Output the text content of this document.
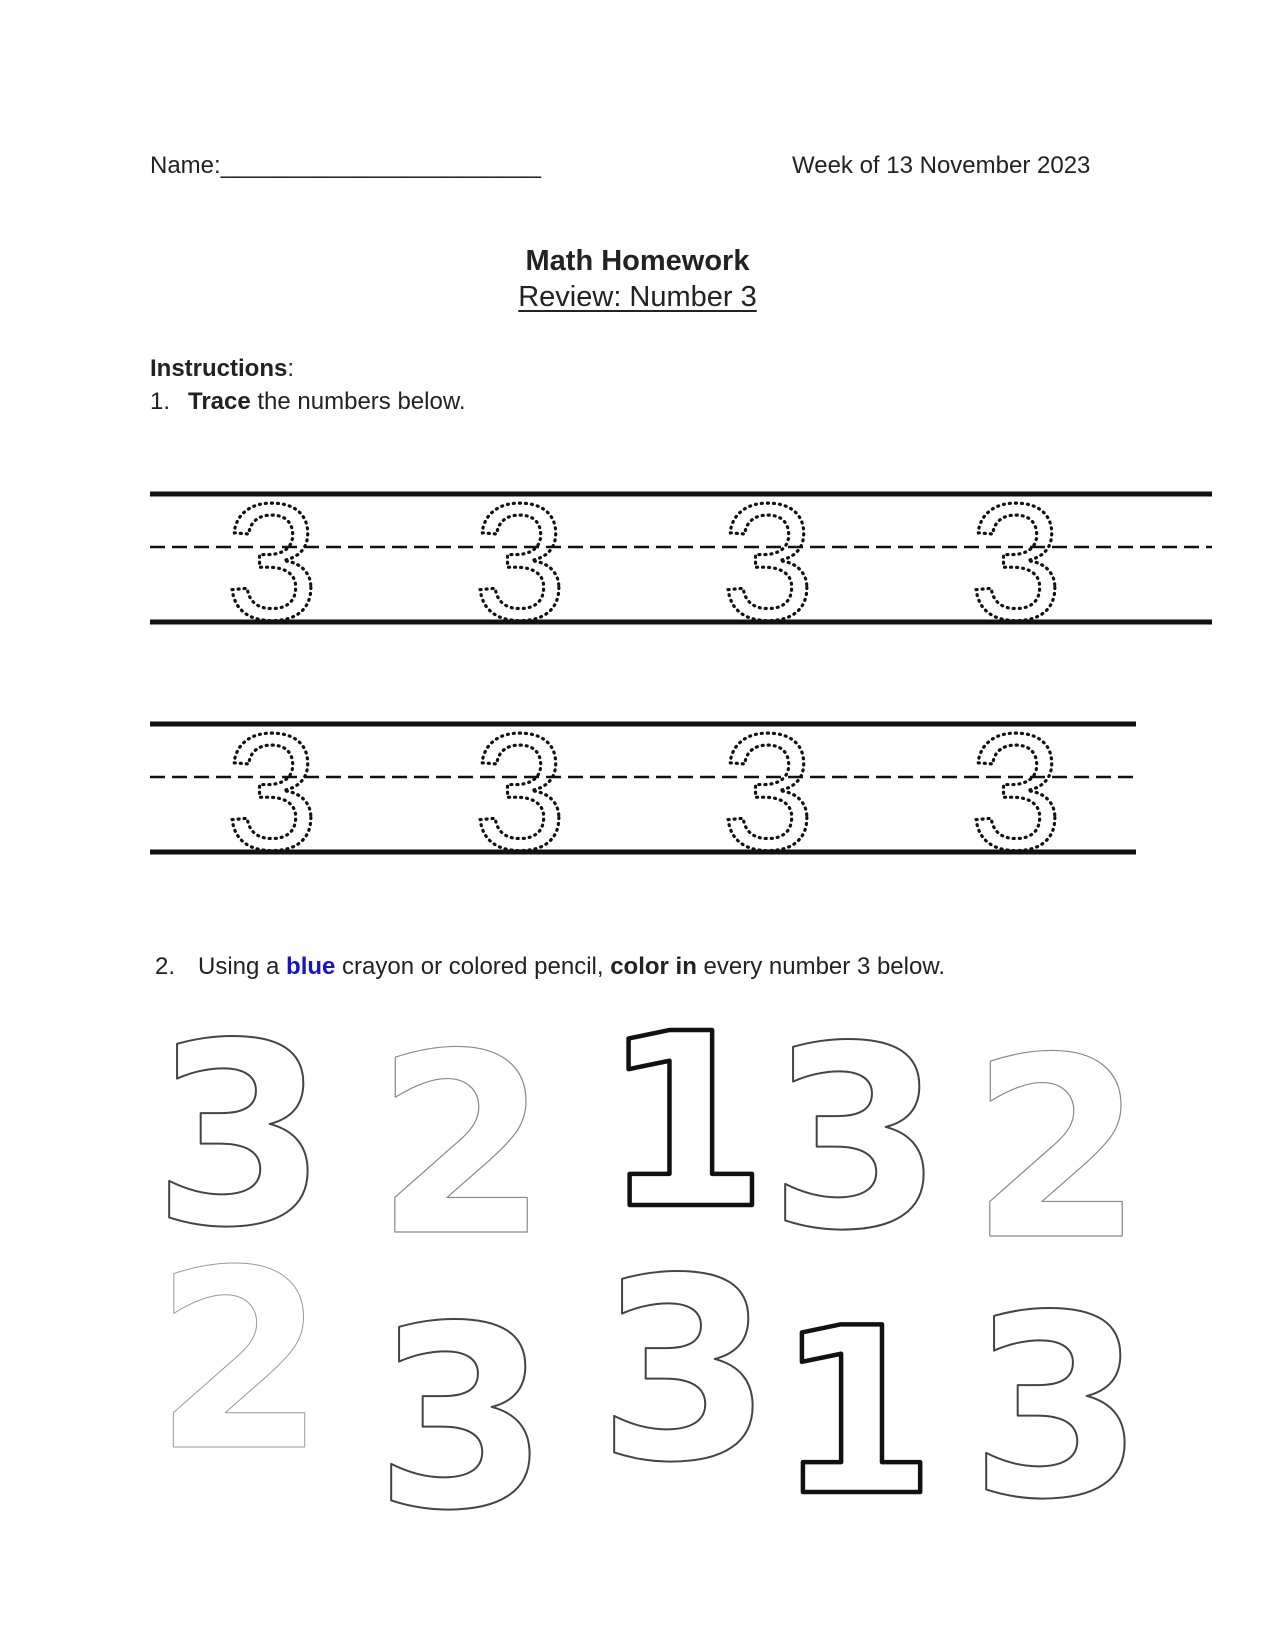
Name:________________________	Week of 13 November 2023
Math Homework
Review: Number 3
Instructions:
1. Trace the numbers below.
2. Using a blue crayon or colored pencil, color in every number 3 below.
3 3 3 3
3 3 3 3
3 2 1 3 2
2 3 3 1 3
